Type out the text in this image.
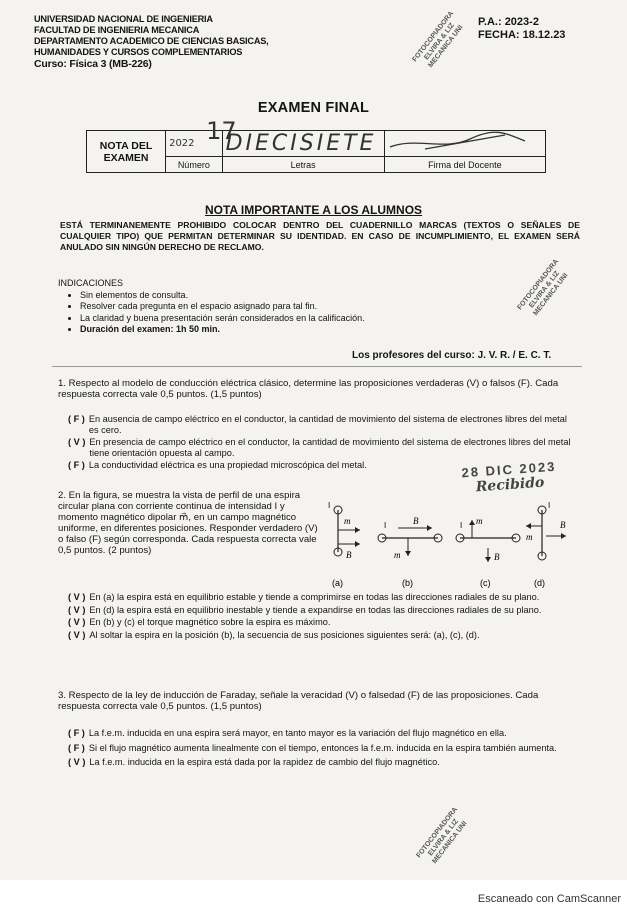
UNIVERSIDAD NACIONAL DE INGENIERIA
FACULTAD DE INGENIERIA MECANICA
DEPARTAMENTO ACADEMICO DE CIENCIAS BASICAS,
HUMANIDADES Y CURSOS COMPLEMENTARIOS
Curso: Física 3 (MB-226)
P.A.: 2023-2
FECHA: 18.12.23
FOTOCOPIADORA ELVIRA & LIZ MECANICA UNI
EXAMEN FINAL
NOTA DEL EXAMEN	2022 17	DIECISIETE	

	Número	Letras	Firma del Docente
NOTA IMPORTANTE A LOS ALUMNOS
ESTÁ TERMINANEMENTE PROHIBIDO COLOCAR DENTRO DEL CUADERNILLO MARCAS (TEXTOS O SEÑALES DE CUALQUIER TIPO) QUE PERMITAN DETERMINAR SU IDENTIDAD. EN CASO DE INCUMPLIMIENTO, EL EXAMEN SERÁ ANULADO SIN NINGÚN DERECHO DE RECLAMO.
FOTOCOPIADORA ELVIRA & LIZ MECANICA UNI
INDICACIONES
• Sin elementos de consulta.
• Resolver cada pregunta en el espacio asignado para tal fin.
• La claridad y buena presentación serán considerados en la calificación.
• Duración del examen: 1h 50 min.
Los profesores del curso: J. V. R. / E. C. T.
1. Respecto al modelo de conducción eléctrica clásico, determine las proposiciones verdaderas (V) o falsos (F). Cada respuesta correcta vale 0,5 puntos. (1,5 puntos)
( F ) En ausencia de campo eléctrico en el conductor, la cantidad de movimiento del sistema de electrones libres del metal es cero.
( V ) En presencia de campo eléctrico en el conductor, la cantidad de movimiento del sistema de electrones libres del metal tiene orientación opuesta al campo.
( F ) La conductividad eléctrica es una propiedad microscópica del metal.	28 DIC 2023
Recibido
2. En la figura, se muestra la vista de perfil de una espira circular plana con corriente continua de intensidad I y momento magnético dipolar m⃗, en un campo magnético uniforme, en diferentes posiciones. Responder verdadero (V) o falso (F) según corresponda. Cada respuesta correcta vale 0,5 puntos. (2 puntos)
m
B
I
B
m
I	m
B
I
m
B
I
(a)	(b)	(c)	(d)
( V ) En (a) la espira está en equilibrio estable y tiende a comprimirse en todas las direcciones radiales de su plano.
( V ) En (d) la espira está en equilibrio inestable y tiende a expandirse en todas las direcciones radiales de su plano.
( V ) En (b) y (c) el torque magnético sobre la espira es máximo.
( V ) Al soltar la espira en la posición (b), la secuencia de sus posiciones siguientes será: (a), (c), (d).
3. Respecto de la ley de inducción de Faraday, señale la veracidad (V) o falsedad (F) de las proposiciones. Cada respuesta correcta vale 0,5 puntos. (1,5 puntos)
( F ) La f.e.m. inducida en una espira será mayor, en tanto mayor es la variación del flujo magnético en ella.
( F ) Si el flujo magnético aumenta linealmente con el tiempo, entonces la f.e.m. inducida en la espira también aumenta.
( V ) La f.e.m. inducida en la espira está dada por la rapidez de cambio del flujo magnético.
FOTOCOPIADORA ELVIRA & LIZ MECANICA UNI
Escaneado con CamScanner
